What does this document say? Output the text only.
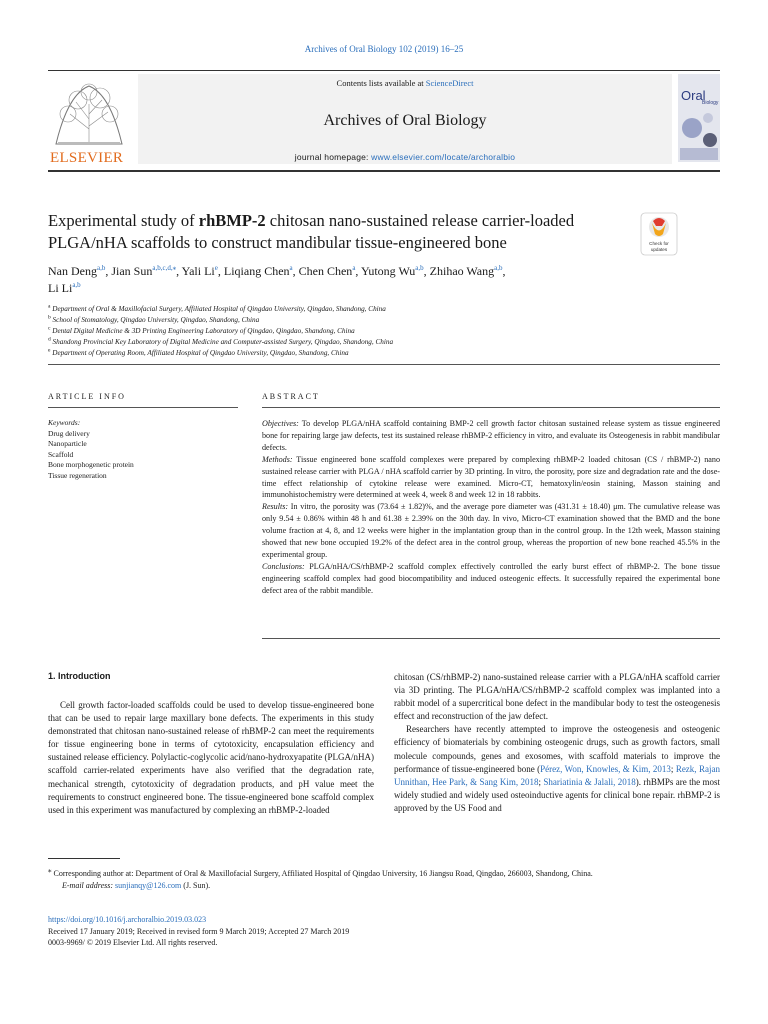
Archives of Oral Biology 102 (2019) 16–25
ELSEVIER
Contents lists available at ScienceDirect
Archives of Oral Biology
journal homepage: www.elsevier.com/locate/archoralbio
Oral
Biology
Experimental study of rhBMP-2 chitosan nano-sustained release carrier-loaded PLGA/nHA scaffolds to construct mandibular tissue-engineered bone	Check for
updates
Nan Deng$^{a,b}$, Jian Sun$^{a,b,c,d,⁎}$, Yali Li$^e$, Liqiang Chen$^a$, Chen Chen$^a$, Yutong Wu$^{a,b}$, Zhihao Wang$^{a,b}$,
Li Li$^{a,b}$
$^a$ Department of Oral & Maxillofacial Surgery, Affiliated Hospital of Qingdao University, Qingdao, Shandong, China
$^b$ School of Stomatology, Qingdao University, Qingdao, Shandong, China
$^c$ Dental Digital Medicine & 3D Printing Engineering Laboratory of Qingdao, Qingdao, Shandong, China
$^d$ Shandong Provincial Key Laboratory of Digital Medicine and Computer-assisted Surgery, Qingdao, Shandong, China
$^e$ Department of Operating Room, Affiliated Hospital of Qingdao University, Qingdao, Shandong, China
ARTICLE INFO	ABSTRACT
Keywords:
Drug delivery
Nanoparticle
Scaffold
Bone morphogenetic protein
Tissue regeneration
Objectives: To develop PLGA/nHA scaffold containing BMP-2 cell growth factor chitosan sustained release system as tissue engineered bone for repairing large jaw defects, test its sustained release rhBMP-2 efficiency in vitro, and evaluate its Osteogenesis in rabbit mandibular defects.
Methods: Tissue engineered bone scaffold complexes were prepared by complexing rhBMP-2 loaded chitosan (CS / rhBMP-2) nano sustained release carrier with PLGA / nHA scaffold carrier by 3D printing. In vitro, the porosity, pore size and degradation rate and the dose-time effect relationship of cytokine release were examined. Micro-CT, hematoxylin/eosin staining, Masson staining and immunohistochemistry were determined at week 4, week 8 and week 12 in 18 rabbits.
Results: In vitro, the porosity was (73.64 ± 1.82)%, and the average pore diameter was (431.31 ± 18.40) μm. The cumulative release was only 9.54 ± 0.86% within 48 h and 61.38 ± 2.39% on the 30th day. In vivo, Micro-CT examination showed that the BMD and the bone volume fraction at 4, 8, and 12 weeks were higher in the implantation group than in the control group. In the 12th week, Masson staining showed that new bone occupied 19.2% of the defect area in the control group, whereas the proportion of new bone reached 45.5% in the experimental group.
Conclusions: PLGA/nHA/CS/rhBMP-2 scaffold complex effectively controlled the early burst effect of rhBMP-2. The bone tissue engineering scaffold complex had good biocompatibility and induced osteogenic effects. It successfully repaired the experimental bone defect area of the rabbit mandible.
1. Introduction
Cell growth factor-loaded scaffolds could be used to develop tissue-engineered bone that can be used to repair large maxillary bone defects. The experiments in this study demonstrated that chitosan nano-sustained release of rhBMP-2 can meet the requirements for tissue engineering bone in terms of cytotoxicity, encapsulation efficiency and sustained release efficiency. Polylactic-coglycolic acid/nano-hydroxyapatite (PLGA/nHA) scaffold carrier-related experiments have also verified that the degradation rate, mechanical strength, cytotoxicity of degradation products, and pH value meet the requirements to construct engineered bone. The tissue-engineered bone scaffold complex used in this experiment was manufactured by complexing an rhBMP-2-loaded
chitosan (CS/rhBMP-2) nano-sustained release carrier with a PLGA/nHA scaffold carrier via 3D printing. The PLGA/nHA/CS/rhBMP-2 scaffold complex was implanted into a rabbit model of a supercritical bone defect in the mandibular body to test the osteogenesis effect and reconstruction of the jaw defect.
Researchers have recently attempted to improve the osteogenesis and osteogenic efficiency of biomaterials by combining osteogenic drugs, such as growth factors, small molecule compounds, genes and exosomes, with scaffold materials to improve the performance of tissue-engineered bone (Pérez, Won, Knowles, & Kim, 2013; Rezk, Rajan Unnithan, Hee Park, & Sang Kim, 2018; Shariatinia & Jalali, 2018). rhBMPs are the most widely studied and widely used osteoinductive agents for clinical bone repair. rhBMP-2 is approved by the US Food and
⁎ Corresponding author at: Department of Oral & Maxillofacial Surgery, Affiliated Hospital of Qingdao University, 16 Jiangsu Road, Qingdao, 266003, Shandong, China.
E-mail address: sunjianqy@126.com (J. Sun).
https://doi.org/10.1016/j.archoralbio.2019.03.023
Received 17 January 2019; Received in revised form 9 March 2019; Accepted 27 March 2019
0003-9969/ © 2019 Elsevier Ltd. All rights reserved.
